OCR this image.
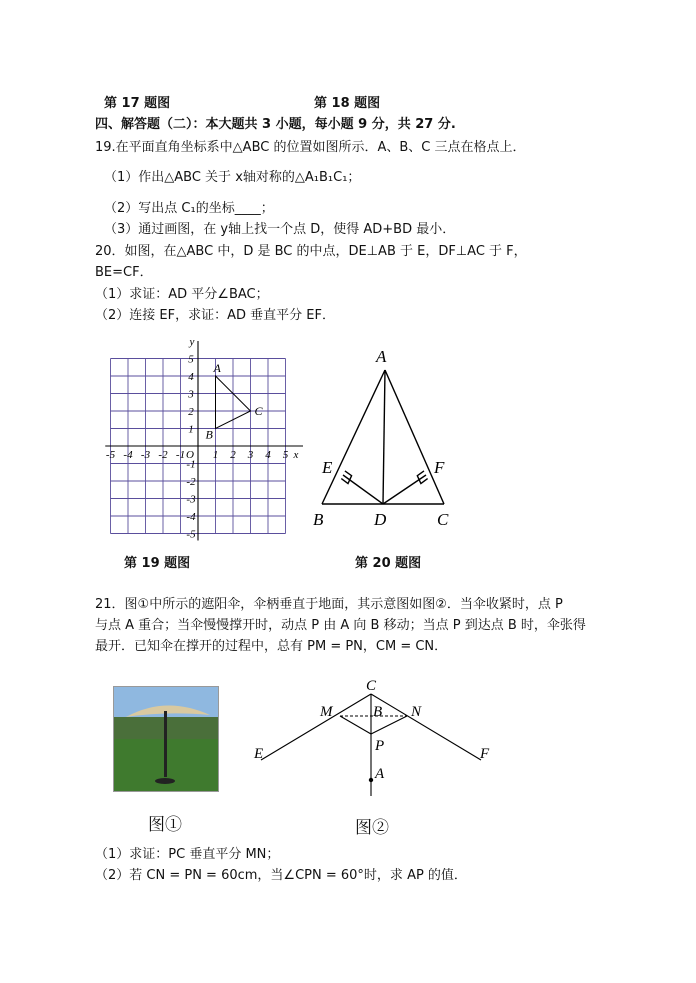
第 17 题图	第 18 题图
四、解答题（二）：本大题共 3 小题，每小题 9 分，共 27 分.
19.在平面直角坐标系中△ABC 的位置如图所示．A、B、C 三点在格点上．
（1）作出△ABC 关于 x轴对称的△A₁B₁C₁；
（2）写出点 C₁的坐标____；
（3）通过画图，在 y轴上找一个点 D，使得 AD+BD 最小．
20．如图，在△ABC 中，D 是 BC 的中点，DE⊥AB 于 E，DF⊥AC 于 F，
BE=CF．
（1）求证：AD 平分∠BAC；
（2）连接 EF，求证：AD 垂直平分 EF．
-5 -4 -3 -2 -1	1 2 3 4 5
5
4
3
2
1
-1
-2
-3
-4
-5
O	x
y
A
B
C
A
B	C
D
E	F
第 19 题图	第 20 题图
21．图①中所示的遮阳伞，伞柄垂直于地面，其示意图如图②．当伞收紧时，点 P
与点 A 重合；当伞慢慢撑开时，动点 P 由 A 向 B 移动；当点 P 到达点 B 时，伞张得
最开．已知伞在撑开的过程中，总有 PM = PN，CM = CN．
C
M	B N
P
A
E	F
图①	图②
（1）求证：PC 垂直平分 MN；
（2）若 CN = PN = 60cm，当∠CPN = 60°时，求 AP 的值．
